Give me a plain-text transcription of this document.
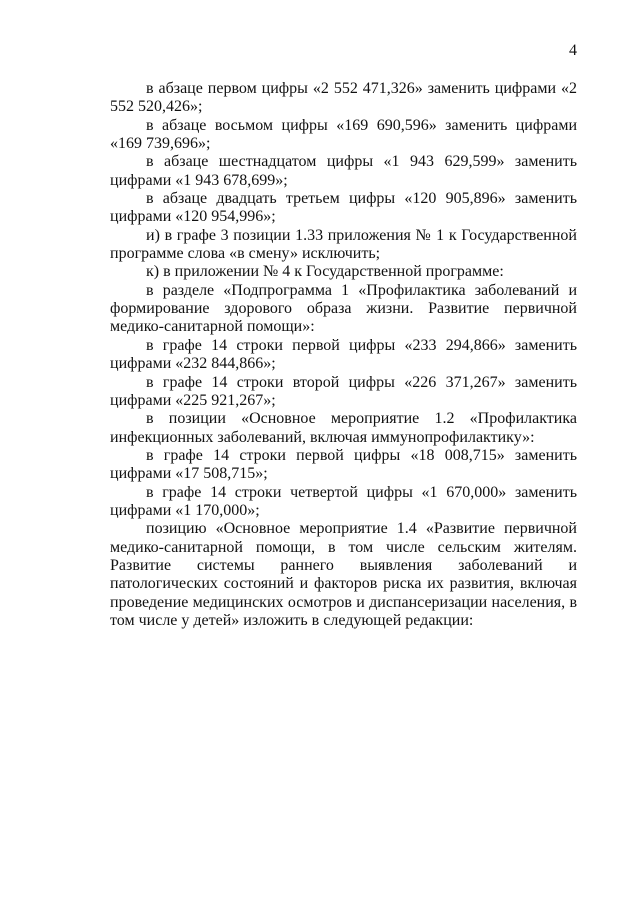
4

в абзаце первом цифры «2 552 471,326» заменить цифрами «2 552 520,426»;

в абзаце восьмом цифры «169 690,596» заменить цифрами «169 739,696»;

в абзаце шестнадцатом цифры «1 943 629,599» заменить цифрами «1 943 678,699»;

в абзаце двадцать третьем цифры «120 905,896» заменить цифрами «120 954,996»;

и) в графе 3 позиции 1.33 приложения № 1 к Государственной программе слова «в смену» исключить;

к) в приложении № 4 к Государственной программе:

в разделе «Подпрограмма 1 «Профилактика заболеваний и формирование здорового образа жизни. Развитие первичной медико-санитарной помощи»:

в графе 14 строки первой цифры «233 294,866» заменить цифрами «232 844,866»;

в графе 14 строки второй цифры «226 371,267» заменить цифрами «225 921,267»;

в позиции «Основное мероприятие 1.2 «Профилактика инфекционных заболеваний, включая иммунопрофилактику»:

в графе 14 строки первой цифры «18 008,715» заменить цифрами «17 508,715»;

в графе 14 строки четвертой цифры «1 670,000» заменить цифрами «1 170,000»;

позицию «Основное мероприятие 1.4 «Развитие первичной медико-санитарной помощи, в том числе сельским жителям. Развитие системы раннего выявления заболеваний и патологических состояний и факторов риска их развития, включая проведение медицинских осмотров и диспансеризации населения, в том числе у детей» изложить в следующей редакции:
